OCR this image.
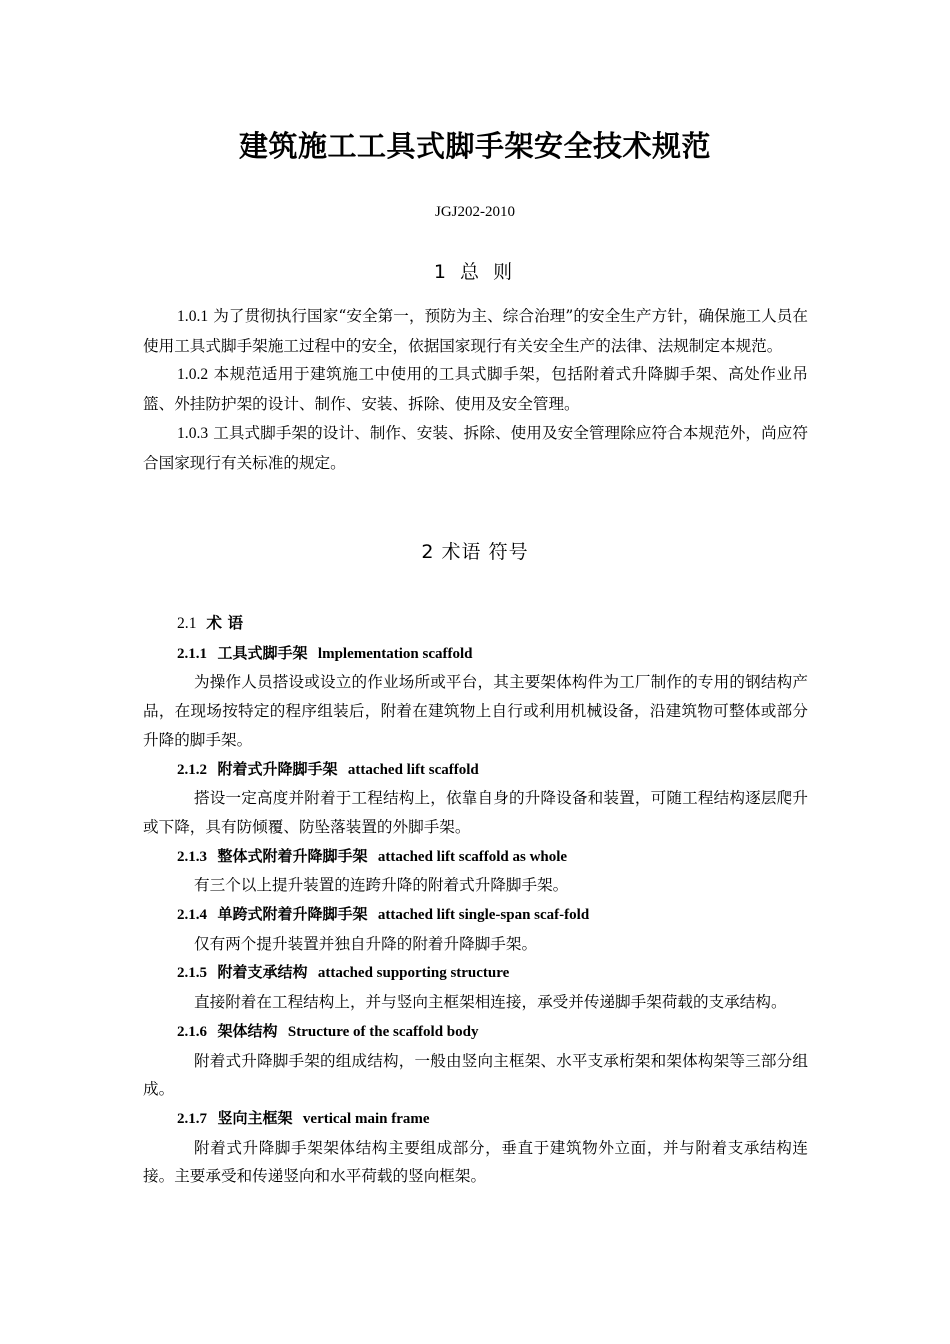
建筑施工工具式脚手架安全技术规范
JGJ202-2010
1 总 则

1.0.1 为了贯彻执行国家“安全第一，预防为主、综合治理”的安全生产方针，确保施工人员在使用工具式脚手架施工过程中的安全，依据国家现行有关安全生产的法律、法规制定本规范。

1.0.2 本规范适用于建筑施工中使用的工具式脚手架，包括附着式升降脚手架、高处作业吊篮、外挂防护架的设计、制作、安装、拆除、使用及安全管理。

1.0.3 工具式脚手架的设计、制作、安装、拆除、使用及安全管理除应符合本规范外，尚应符合国家现行有关标准的规定。

2 术语 符号

2.1 术 语

2.1.1 工具式脚手架 lmplementation scaffold

为操作人员搭设或设立的作业场所或平台，其主要架体构件为工厂制作的专用的钢结构产品，在现场按特定的程序组装后，附着在建筑物上自行或利用机械设备，沿建筑物可整体或部分升降的脚手架。

2.1.2 附着式升降脚手架 attached lift scaffold

搭设一定高度并附着于工程结构上，依靠自身的升降设备和装置，可随工程结构逐层爬升或下降，具有防倾覆、防坠落装置的外脚手架。

2.1.3 整体式附着升降脚手架 attached lift scaffold as whole

有三个以上提升装置的连跨升降的附着式升降脚手架。

2.1.4 单跨式附着升降脚手架 attached lift single-span scaf-fold

仅有两个提升装置并独自升降的附着升降脚手架。

2.1.5 附着支承结构 attached supporting structure

直接附着在工程结构上，并与竖向主框架相连接，承受并传递脚手架荷载的支承结构。

2.1.6 架体结构 Structure of the scaffold body

附着式升降脚手架的组成结构，一般由竖向主框架、水平支承桁架和架体构架等三部分组成。

2.1.7 竖向主框架 vertical main frame

附着式升降脚手架架体结构主要组成部分，垂直于建筑物外立面，并与附着支承结构连接。主要承受和传递竖向和水平荷载的竖向框架。
